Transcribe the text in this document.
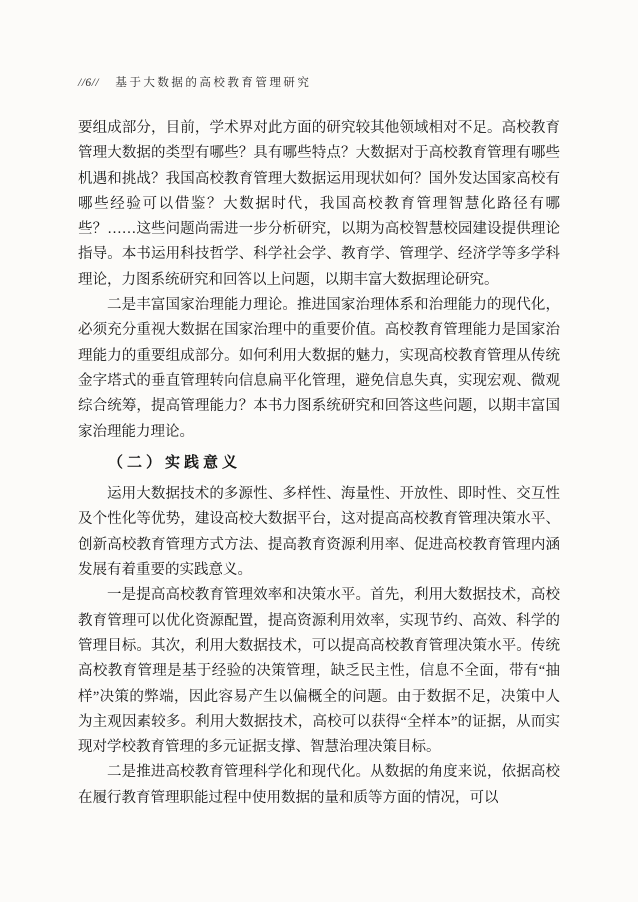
//6// 基于大数据的高校教育管理研究

要组成部分，目前，学术界对此方面的研究较其他领域相对不足。高校教育管理大数据的类型有哪些？具有哪些特点？大数据对于高校教育管理有哪些机遇和挑战？我国高校教育管理大数据运用现状如何？国外发达国家高校有哪些经验可以借鉴？大数据时代，我国高校教育管理智慧化路径有哪些？……这些问题尚需进一步分析研究，以期为高校智慧校园建设提供理论指导。本书运用科技哲学、科学社会学、教育学、管理学、经济学等多学科理论，力图系统研究和回答以上问题，以期丰富大数据理论研究。

二是丰富国家治理能力理论。推进国家治理体系和治理能力的现代化，必须充分重视大数据在国家治理中的重要价值。高校教育管理能力是国家治理能力的重要组成部分。如何利用大数据的魅力，实现高校教育管理从传统金字塔式的垂直管理转向信息扁平化管理，避免信息失真，实现宏观、微观综合统筹，提高管理能力？本书力图系统研究和回答这些问题，以期丰富国家治理能力理论。

（二）实践意义

运用大数据技术的多源性、多样性、海量性、开放性、即时性、交互性及个性化等优势，建设高校大数据平台，这对提高高校教育管理决策水平、创新高校教育管理方式方法、提高教育资源利用率、促进高校教育管理内涵发展有着重要的实践意义。

一是提高高校教育管理效率和决策水平。首先，利用大数据技术，高校教育管理可以优化资源配置，提高资源利用效率，实现节约、高效、科学的管理目标。其次，利用大数据技术，可以提高高校教育管理决策水平。传统高校教育管理是基于经验的决策管理，缺乏民主性，信息不全面，带有“抽样”决策的弊端，因此容易产生以偏概全的问题。由于数据不足，决策中人为主观因素较多。利用大数据技术，高校可以获得“全样本”的证据，从而实现对学校教育管理的多元证据支撑、智慧治理决策目标。

二是推进高校教育管理科学化和现代化。从数据的角度来说，依据高校在履行教育管理职能过程中使用数据的量和质等方面的情况，可以
